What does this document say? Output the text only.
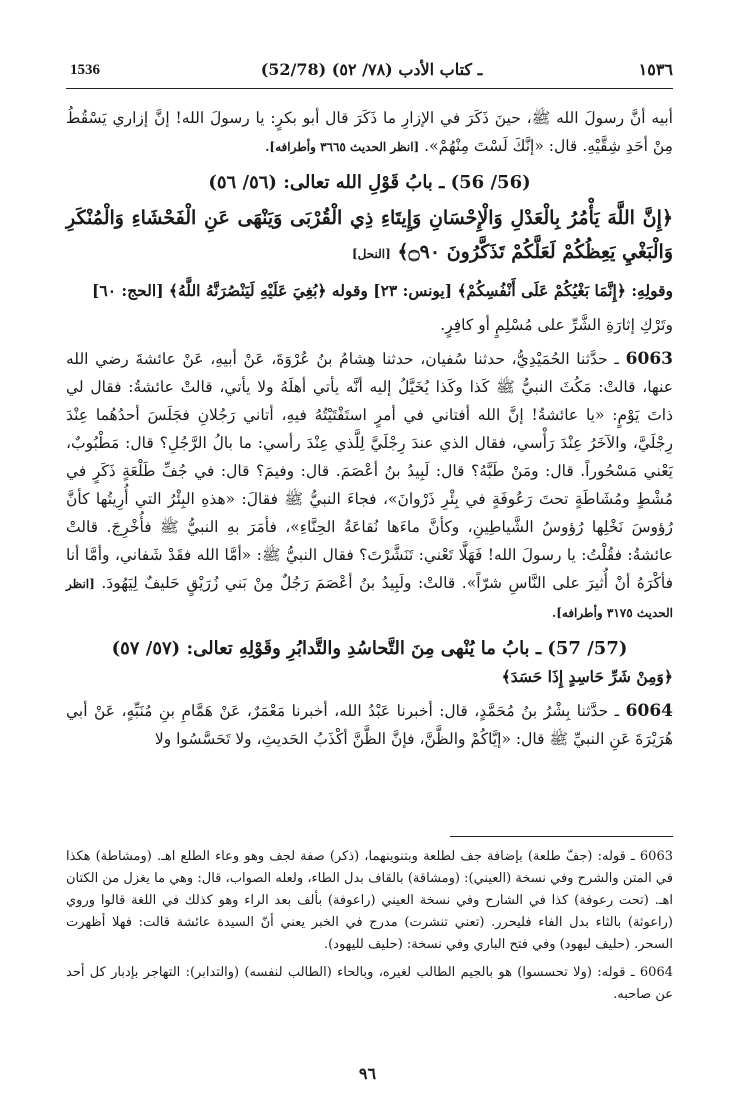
1536	(52/78) ـ كتاب الأدب (٧٨/ ٥٢)	١٥٣٦

أبيه أنَّ رسولَ الله ﷺ، حينَ ذَكَرَ في الإزارِ ما ذَكَرَ قال أبو بكرٍ: يا رسولَ الله! إنَّ إزاري يَسْقُطُ مِنْ أحَدِ شِقَّيْهِ. قال: «إنَّكَ لَسْتَ مِنْهُمْ». [انظر الحديث ٣٦٦٥ وأطرافه].

(56/ 56) ـ بابُ قَوْلِ الله تعالى: (٥٦/ ٥٦)

﴿إِنَّ اللَّهَ يَأْمُرُ بِالْعَدْلِ وَالْإِحْسَانِ وَإِيتَاءِ ذِي الْقُرْبَى وَيَنْهَى عَنِ الْفَحْشَاءِ وَالْمُنْكَرِ وَالْبَغْيِ يَعِظُكُمْ لَعَلَّكُمْ تَذَكَّرُونَ ۝٩٠﴾ [النحل]

وقولِهِ: ﴿إِنَّمَا بَغْيُكُمْ عَلَى أَنْفُسِكُمْ﴾ [يونس: ٢٣] وقوله ﴿بُغِيَ عَلَيْهِ لَيَنْصُرَنَّهُ اللَّهُ﴾ [الحج: ٦٠]

وتَرْكِ إثارَةِ الشَّرِّ على مُسْلِمٍ أو كافِرٍ.

6063 ـ حدَّثنا الحُمَيْدِيُّ، حدثنا سُفيان، حدثنا هِشامُ بنُ عُرْوَةَ، عَنْ أبيهِ، عَنْ عائشةَ رضي الله عنها، قالتْ: مَكُثَ النبيُّ ﷺ كَذا وكَذا يُخَيَّلُ إليه أنَّه يأتي أهلَهُ ولا يأتي، قالتْ عائشةُ: فقال لي ذاتَ يَوْمٍ: «يا عائشةُ! إنَّ الله أفتاني في أمرٍ استَفْتَيْتُهُ فيهِ، أتاني رَجُلانِ فجَلَسَ أحدُهُما عِنْدَ رِجْلَيَّ، والآخَرُ عِنْدَ رَأْسي، فقال الذي عندَ رِجْلَيَّ لِلَّذي عِنْدَ رأسي: ما بالُ الرَّجُلِ؟ قال: مَطْبُوبٌ، يَعْني مَسْحُوراً. قال: ومَنْ طَبَّهُ؟ قال: لَبِيدُ بنُ أعْصَمَ. قال: وفيمَ؟ قال: في جُفِّ طَلْعَةٍ ذَكَرٍ في مُشْطٍ ومُشَاطَةٍ تحتَ رَعُوفَةٍ في بِئْرِ ذَرْوانَ»، فجاءَ النبيُّ ﷺ فقالَ: «هذهِ البِئْرُ التي أُرِيتُها كأنَّ رُؤوسَ نَخْلِها رُؤوسُ الشَّياطِينِ، وكأنَّ ماءَها نُقاعَةُ الحِنَّاءِ»، فأمَرَ بهِ النبيُّ ﷺ فأُخْرِجَ. قالتْ عائشةُ: فقُلْتُ: يا رسولَ الله! فَهَلَّا تَعْني: تَنَشَّرْتَ؟ فقال النبيُّ ﷺ: «أمَّا الله فقَدْ شَفاني، وأمَّا أنا فأكْرَهُ أنْ أُثيرَ على النَّاسِ شرّاً». قالتْ: ولَبِيدُ بنُ أعْصَمَ رَجُلٌ مِنْ بَني زُرَيْقٍ حَليفٌ لِيَهُودَ. [انظر الحديث ٣١٧٥ وأطرافه].

(57/ 57) ـ بابُ ما يُنْهى مِنَ التَّحاسُدِ والتَّدابُرِ وقَوْلِهِ تعالى: (٥٧/ ٥٧)

﴿وَمِنْ شَرِّ حَاسِدٍ إِذَا حَسَدَ﴾

6064 ـ حدَّثنا بِشْرُ بنُ مُحَمَّدٍ، قال: أخبرنا عَبْدُ الله، أخبرنا مَعْمَرٌ، عَنْ هَمَّامِ بنِ مُنَبِّهٍ، عَنْ أبي هُرَيْرَةَ عَنِ النبيِّ ﷺ قال: «إيَّاكُمْ والظَّنَّ، فإنَّ الظَّنَّ أكْذَبُ الحَديثِ، ولا تَحَسَّسُوا ولا

6063 ـ قوله: (جفّ طلعة) بإضافة جف لطلعة وبتنوينهما، (ذكر) صفة لجف وهو وعاء الطلع اهـ. (ومشاطة) هكذا في المتن والشرح وفي نسخة (العيني): (ومشاقة) بالقاف بدل الطاء، ولعله الصواب، قال: وهي ما يغزل من الكتان اهـ. (تحت رعوفة) كذا في الشارح وفي نسخة العيني (راعوفة) بألف بعد الراء وهو كذلك في اللغة قالوا وروي (راعوثة) بالثاء بدل الفاء فليحرر. (تعني تنشرت) مدرج في الخبر يعني أنّ السيدة عائشة قالت: فهلا أظهرت السحر. (حليف ليهود) وفي فتح الباري وفي نسخة: (حليف لليهود).

6064 ـ قوله: (ولا تحسسوا) هو بالجيم الطالب لغيره، وبالحاء (الطالب لنفسه) (والتدابر): التهاجر بإدبار كل أحد عن صاحبه.

٩٦
